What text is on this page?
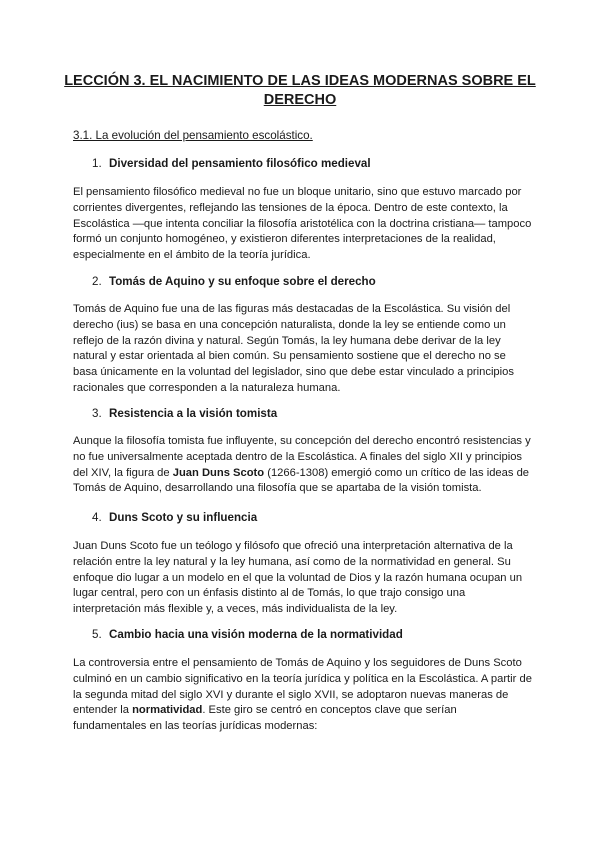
LECCIÓN 3. EL NACIMIENTO DE LAS IDEAS MODERNAS SOBRE EL DERECHO
3.1. La evolución del pensamiento escolástico.
1. Diversidad del pensamiento filosófico medieval

El pensamiento filosófico medieval no fue un bloque unitario, sino que estuvo marcado por corrientes divergentes, reflejando las tensiones de la época. Dentro de este contexto, la Escolástica —que intenta conciliar la filosofía aristotélica con la doctrina cristiana— tampoco formó un conjunto homogéneo, y existieron diferentes interpretaciones de la realidad, especialmente en el ámbito de la teoría jurídica.

2. Tomás de Aquino y su enfoque sobre el derecho

Tomás de Aquino fue una de las figuras más destacadas de la Escolástica. Su visión del derecho (ius) se basa en una concepción naturalista, donde la ley se entiende como un reflejo de la razón divina y natural. Según Tomás, la ley humana debe derivar de la ley natural y estar orientada al bien común. Su pensamiento sostiene que el derecho no se basa únicamente en la voluntad del legislador, sino que debe estar vinculado a principios racionales que corresponden a la naturaleza humana.

3. Resistencia a la visión tomista

Aunque la filosofía tomista fue influyente, su concepción del derecho encontró resistencias y no fue universalmente aceptada dentro de la Escolástica. A finales del siglo XII y principios del XIV, la figura de Juan Duns Scoto (1266-1308) emergió como un crítico de las ideas de Tomás de Aquino, desarrollando una filosofía que se apartaba de la visión tomista.

4. Duns Scoto y su influencia

Juan Duns Scoto fue un teólogo y filósofo que ofreció una interpretación alternativa de la relación entre la ley natural y la ley humana, así como de la normatividad en general. Su enfoque dio lugar a un modelo en el que la voluntad de Dios y la razón humana ocupan un lugar central, pero con un énfasis distinto al de Tomás, lo que trajo consigo una interpretación más flexible y, a veces, más individualista de la ley.

5. Cambio hacia una visión moderna de la normatividad

La controversia entre el pensamiento de Tomás de Aquino y los seguidores de Duns Scoto culminó en un cambio significativo en la teoría jurídica y política en la Escolástica. A partir de la segunda mitad del siglo XVI y durante el siglo XVII, se adoptaron nuevas maneras de entender la normatividad. Este giro se centró en conceptos clave que serían fundamentales en las teorías jurídicas modernas:
